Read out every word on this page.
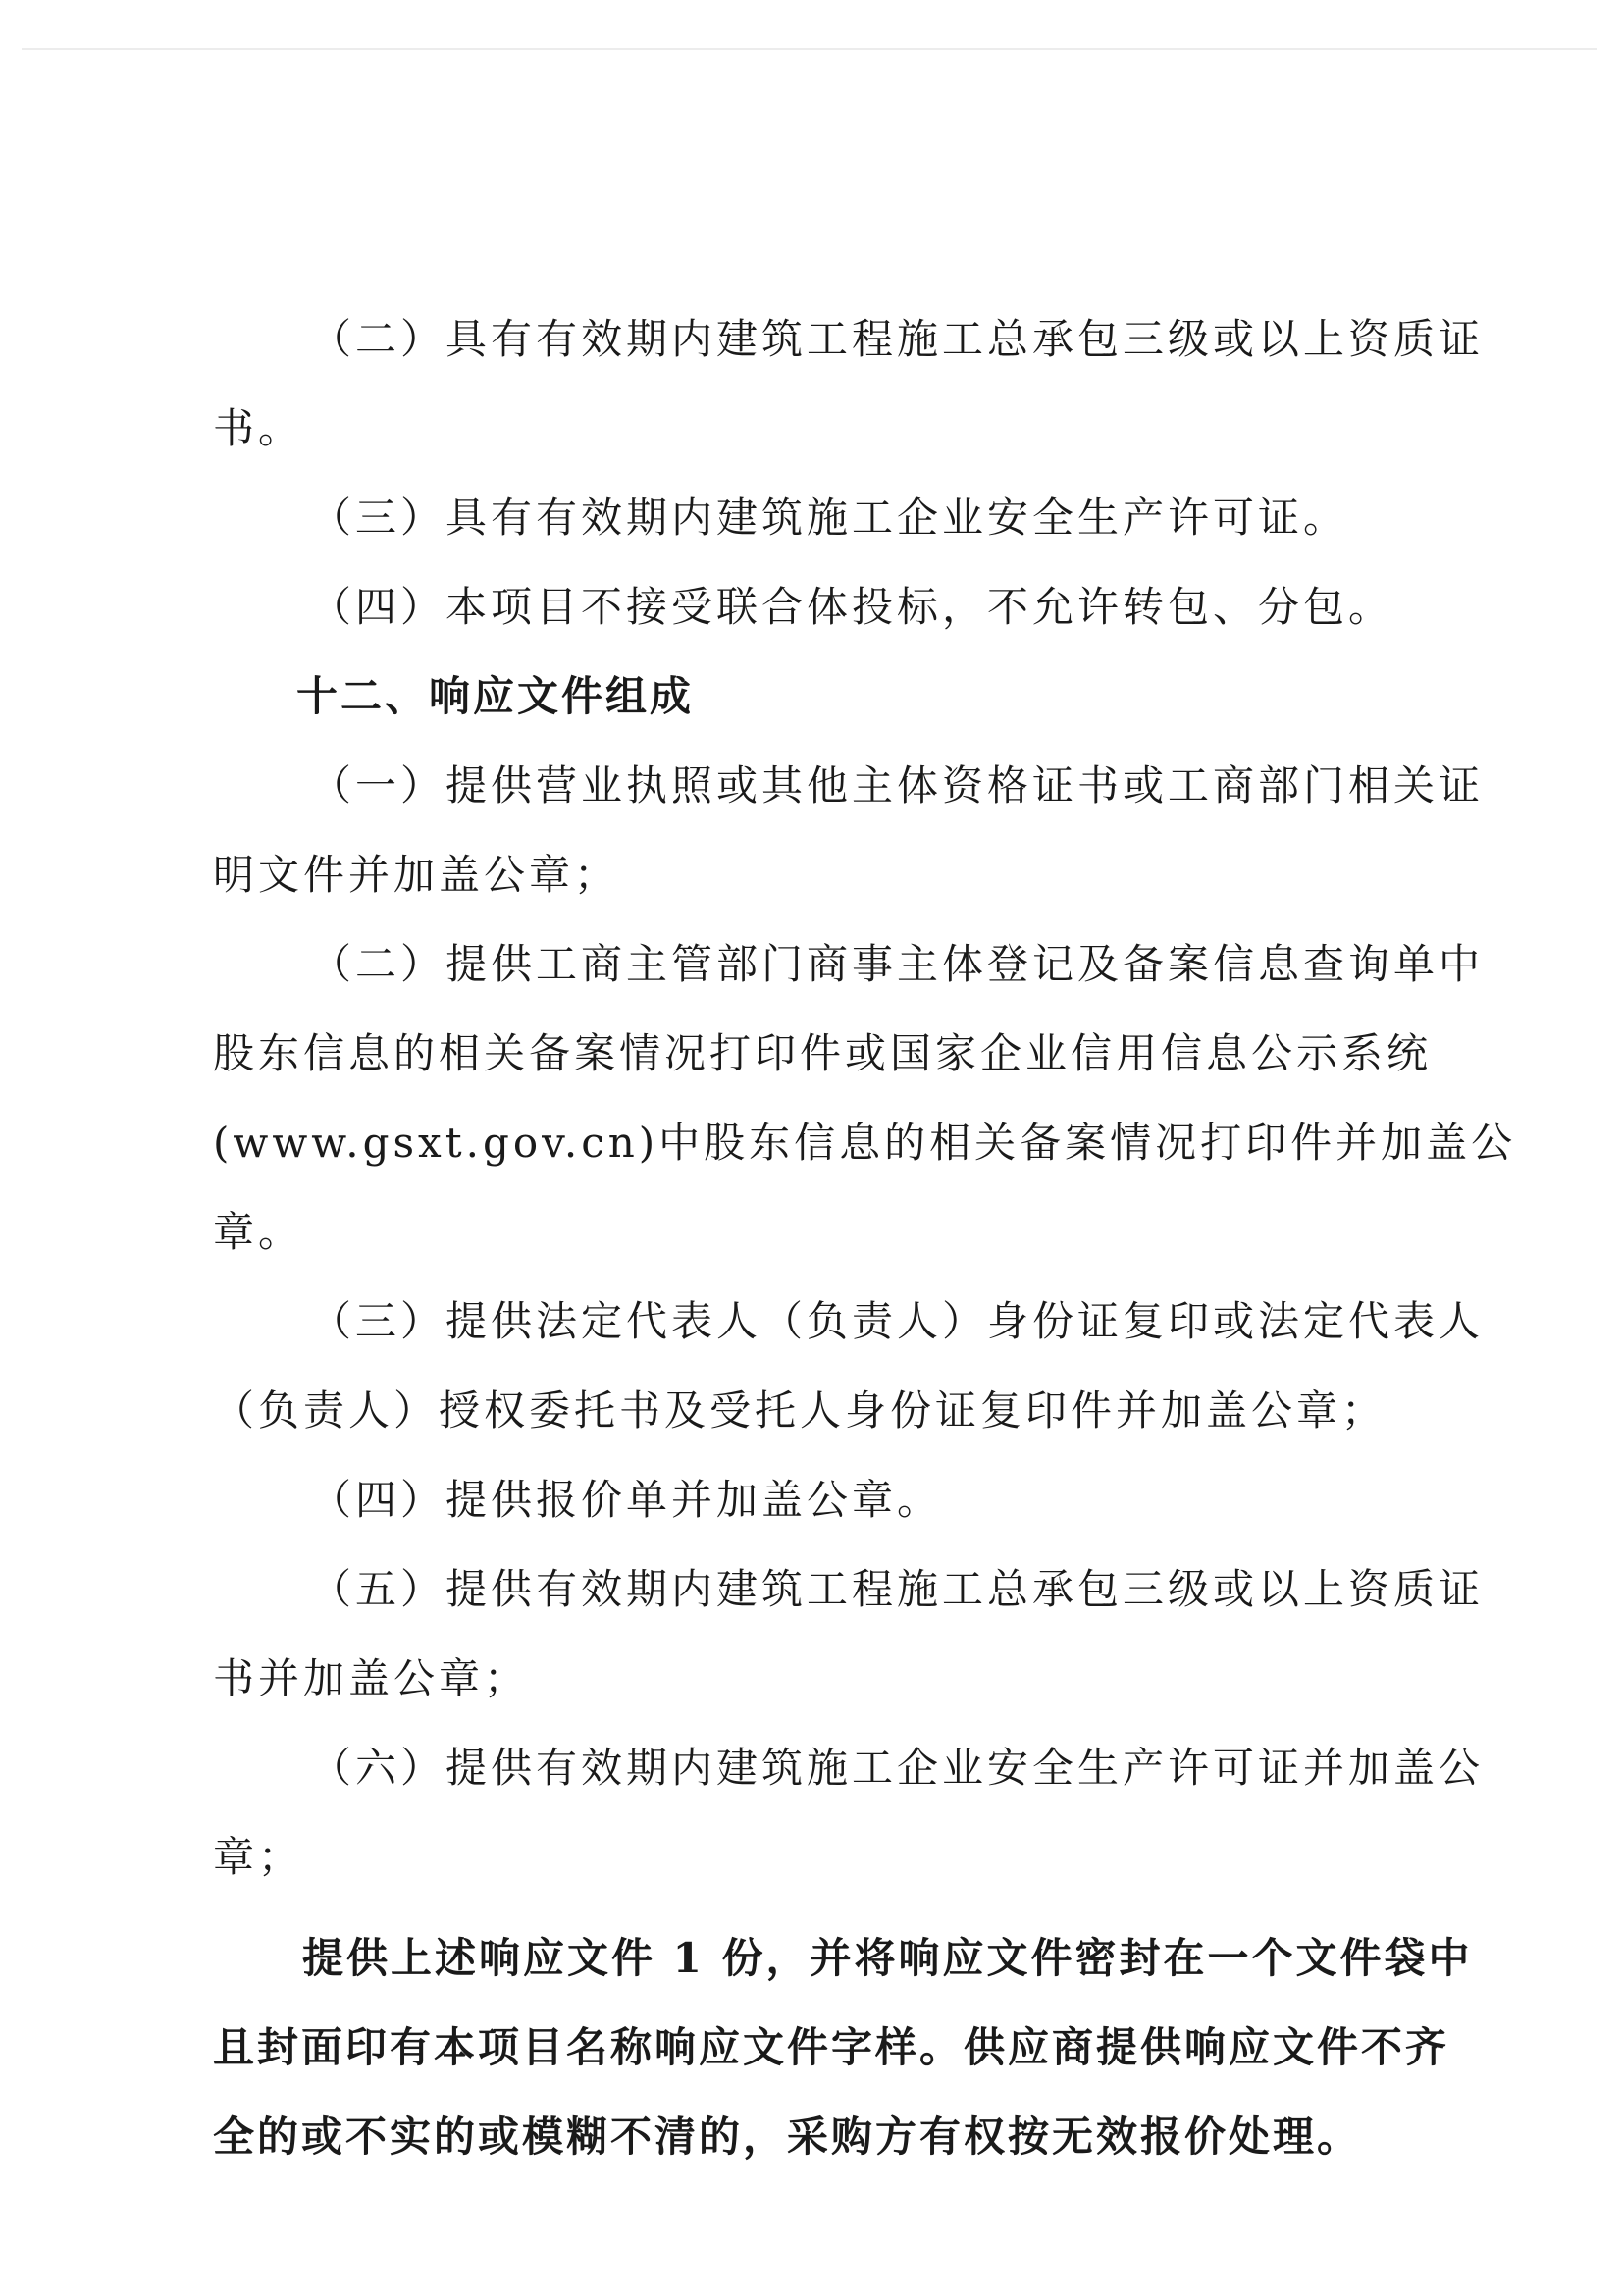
（二）具有有效期内建筑工程施工总承包三级或以上资质证

书。

（三）具有有效期内建筑施工企业安全生产许可证。

（四）本项目不接受联合体投标，不允许转包、分包。

十二、响应文件组成

（一）提供营业执照或其他主体资格证书或工商部门相关证

明文件并加盖公章；

（二）提供工商主管部门商事主体登记及备案信息查询单中

股东信息的相关备案情况打印件或国家企业信用信息公示系统

(www.gsxt.gov.cn)中股东信息的相关备案情况打印件并加盖公

章。

（三）提供法定代表人（负责人）身份证复印或法定代表人

（负责人）授权委托书及受托人身份证复印件并加盖公章；

（四）提供报价单并加盖公章。

（五）提供有效期内建筑工程施工总承包三级或以上资质证

书并加盖公章；

（六）提供有效期内建筑施工企业安全生产许可证并加盖公

章；

提供上述响应文件 1 份，并将响应文件密封在一个文件袋中

且封面印有本项目名称响应文件字样。供应商提供响应文件不齐

全的或不实的或模糊不清的，采购方有权按无效报价处理。
